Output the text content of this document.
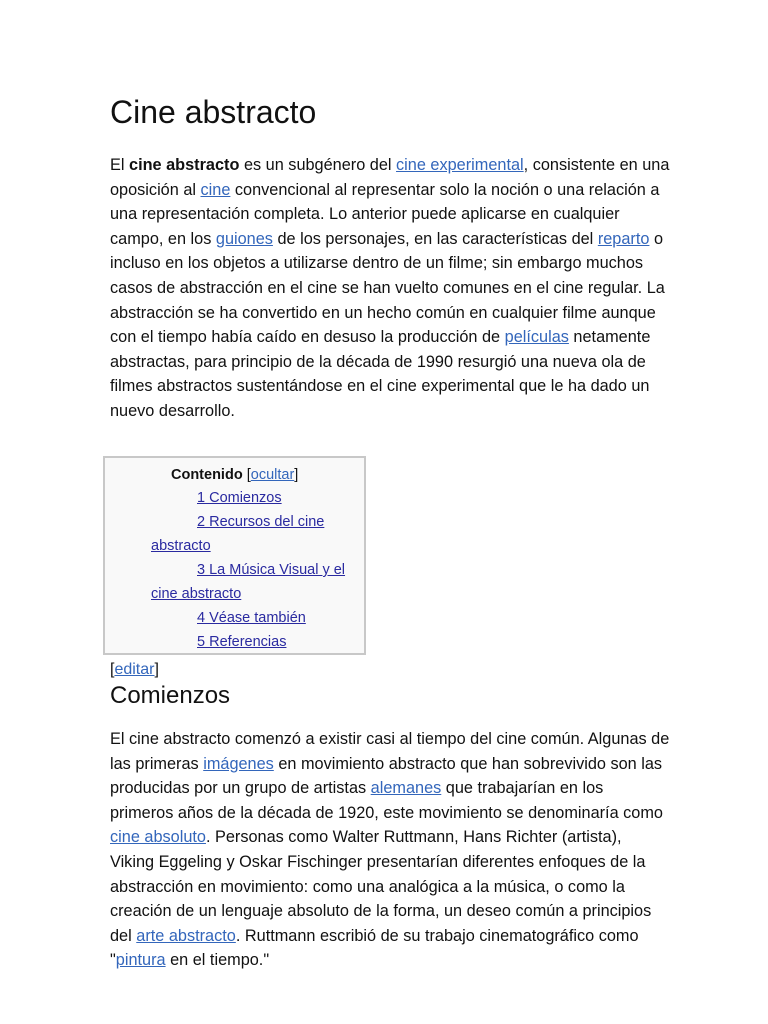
Cine abstracto

El cine abstracto es un subgénero del cine experimental, consistente en una oposición al cine convencional al representar solo la noción o una relación a una representación completa. Lo anterior puede aplicarse en cualquier campo, en los guiones de los personajes, en las características del reparto o incluso en los objetos a utilizarse dentro de un filme; sin embargo muchos casos de abstracción en el cine se han vuelto comunes en el cine regular. La abstracción se ha convertido en un hecho común en cualquier filme aunque con el tiempo había caído en desuso la producción de películas netamente abstractas, para principio de la década de 1990 resurgió una nueva ola de filmes abstractos sustentándose en el cine experimental que le ha dado un nuevo desarrollo.

Contenido [ocultar]
1 Comienzos
2 Recursos del cine abstracto
3 La Música Visual y el cine abstracto
4 Véase también
5 Referencias
[editar]
Comienzos

El cine abstracto comenzó a existir casi al tiempo del cine común. Algunas de las primeras imágenes en movimiento abstracto que han sobrevivido son las producidas por un grupo de artistas alemanes que trabajarían en los primeros años de la década de 1920, este movimiento se denominaría como cine absoluto. Personas como Walter Ruttmann, Hans Richter (artista), Viking Eggeling y Oskar Fischinger presentarían diferentes enfoques de la abstracción en movimiento: como una analógica a la música, o como la creación de un lenguaje absoluto de la forma, un deseo común a principios del arte abstracto. Ruttmann escribió de su trabajo cinematográfico como "pintura en el tiempo."
